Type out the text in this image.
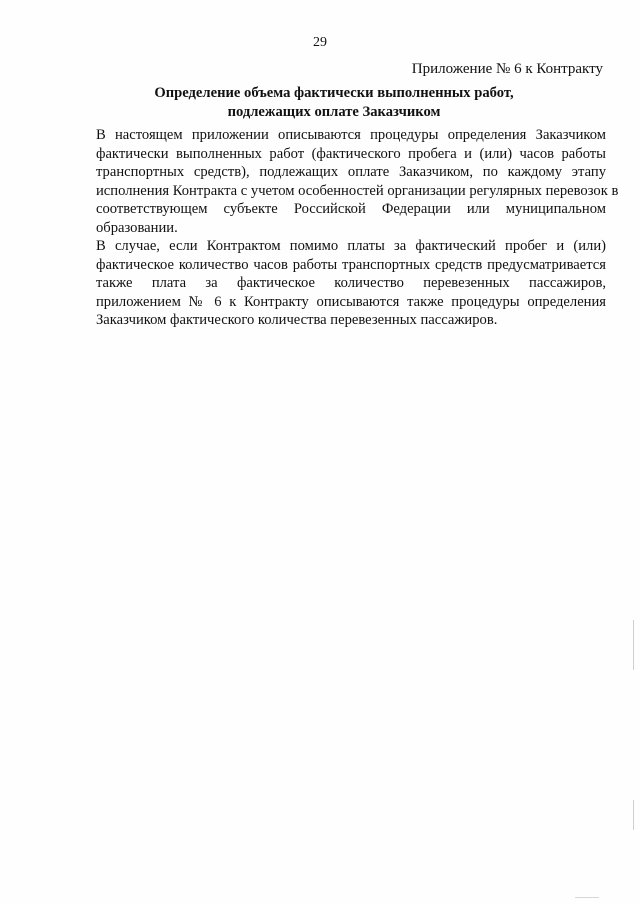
29
Приложение № 6 к Контракту
Определение объема фактически выполненных работ,
подлежащих оплате Заказчиком
В настоящем приложении описываются процедуры определения Заказчиком
фактически выполненных работ (фактического пробега и (или) часов работы
транспортных средств), подлежащих оплате Заказчиком, по каждому этапу
исполнения Контракта с учетом особенностей организации регулярных перевозок в
соответствующем субъекте Российской Федерации или муниципальном
образовании.
В случае, если Контрактом помимо платы за фактический пробег и (или)
фактическое количество часов работы транспортных средств предусматривается
также плата за фактическое количество перевезенных пассажиров,
приложением № 6 к Контракту описываются также процедуры определения
Заказчиком фактического количества перевезенных пассажиров.
